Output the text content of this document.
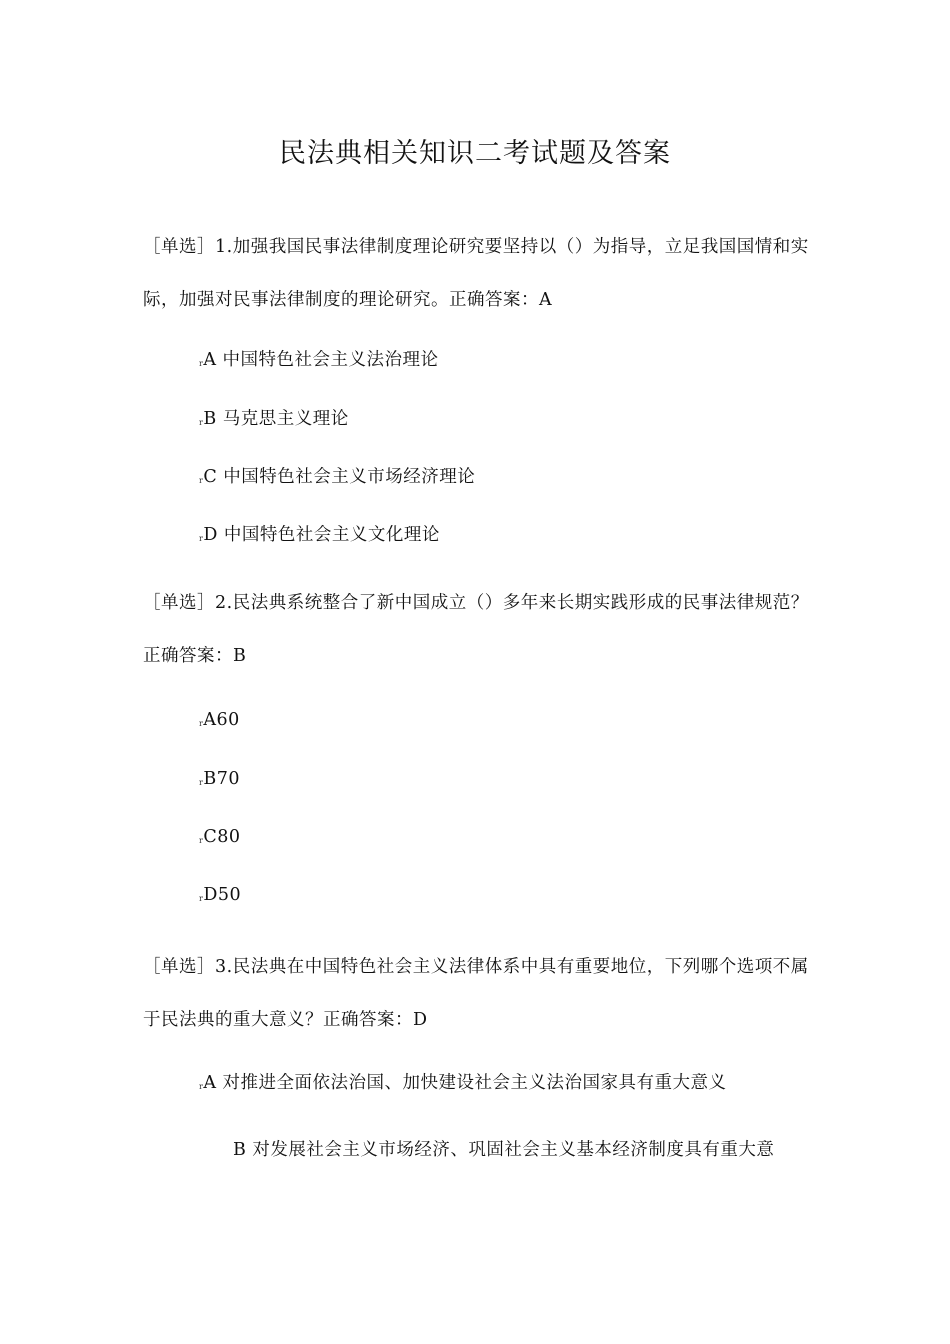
民法典相关知识二考试题及答案
［单选］1.加强我国民事法律制度理论研究要坚持以（）为指导，立足我国国情和实际，加强对民事法律制度的理论研究。正确答案：A
rA 中国特色社会主义法治理论
rB 马克思主义理论
rC 中国特色社会主义市场经济理论
rD 中国特色社会主义文化理论
［单选］2.民法典系统整合了新中国成立（）多年来长期实践形成的民事法律规范？正确答案：B
rA60
rB70
rC80
rD50
［单选］3.民法典在中国特色社会主义法律体系中具有重要地位，下列哪个选项不属于民法典的重大意义？正确答案：D
rA 对推进全面依法治国、加快建设社会主义法治国家具有重大意义
B 对发展社会主义市场经济、巩固社会主义基本经济制度具有重大意
